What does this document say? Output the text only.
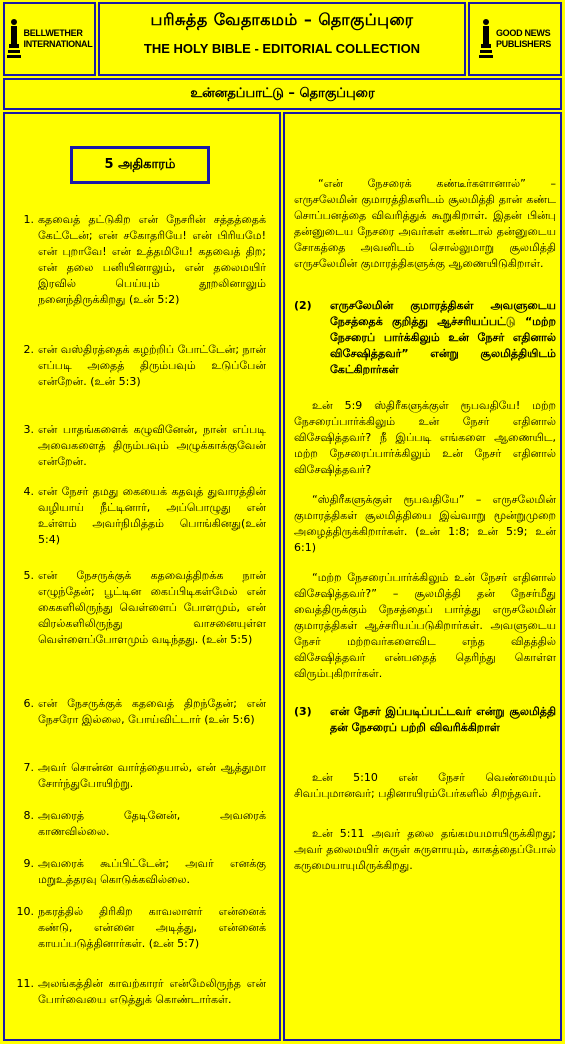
BELLWETHER
INTERNATIONAL
பரிசுத்த வேதாகமம் – தொகுப்புரை
THE HOLY BIBLE - EDITORIAL COLLECTION
GOOD NEWS
PUBLISHERS
உன்னதப்பாட்டு – தொகுப்புரை
5 அதிகாரம்
1. கதவைத் தட்டுகிற என் நேசரின் சத்தத்தைக் கேட்டேன்; என் சகோதரியே! என் பிரியமே! என் புறாவே! என் உத்தமியே! கதவைத் திற; என் தலை பனியினாலும், என் தலைமயிர் இரவில் பெய்யும் தூறலினாலும் நனைந்திருக்கிறது (உன் 5:2)
2. என் வஸ்திரத்தைக் கழற்றிப் போட்டேன்; நான் எப்படி அதைத் திரும்பவும் உடுப்பேன் என்றேன். (உன் 5:3)
3. என் பாதங்களைக் கழுவினேன், நான் எப்படி அவைகளைத் திரும்பவும் அழுக்காக்குவேன் என்றேன்.
4. என் நேசர் தமது கையைக் கதவுத் துவாரத்தின் வழியாய் நீட்டினார், அப்பொழுது என் உள்ளம் அவர்நிமித்தம் பொங்கினது(உன் 5:4)
5. என் நேசருக்குக் கதவைத்திறக்க நான் எழுந்தேன்; பூட்டின கைப்பிடிகள்மேல் என் கைகளிலிருந்து வெள்ளைப் போளமும், என் விரல்களிலிருந்து வாசனையுள்ள வெள்ளைப்போளமும் வடிந்தது. (உன் 5:5)
6. என் நேசருக்குக் கதவைத் திறந்தேன்; என் நேசரோ இல்லை, போய்விட்டார் (உன் 5:6)
7. அவர் சொன்ன வார்த்தையால், என் ஆத்துமா சோர்ந்துபோயிற்று.
8. அவரைத் தேடினேன், அவரைக் காணவில்லை.
9. அவரைக் கூப்பிட்டேன்; அவர் எனக்கு மறுஉத்தரவு கொடுக்கவில்லை.
10. நகரத்தில் திரிகிற காவலாளர் என்னைக் கண்டு, என்னை அடித்து, என்னைக் காயப்படுத்தினார்கள். (உன் 5:7)
11. அலங்கத்தின் காவற்காரர் என்மேலிருந்த என் போர்வையை எடுத்துக் கொண்டார்கள்.

“என் நேசரைக் கண்டீர்களானால்” – எருசலேமின் குமாரத்திகளிடம் சூலமித்தி தான் கண்ட சொப்பனத்தை விவரித்துக் கூறுகிறாள். இதன் பின்பு தன்னுடைய நேசரை அவர்கள் கண்டால் தன்னுடைய சோகத்தை அவனிடம் சொல்லுமாறு சூலமித்தி எருசலேமின் குமாரத்திகளுக்கு ஆணையிடுகிறாள்.

(2)	எருசலேமின் குமாரத்திகள் அவளுடைய நேசத்தைக் குறித்து ஆச்சரியப்பட்டு “மற்ற நேசரைப் பார்க்கிலும் உன் நேசர் எதினால் விசேஷித்தவர்” என்று சூலமித்தியிடம் கேட்கிறார்கள்

உன் 5:9 ஸ்திரீகளுக்குள் ரூபவதியே! மற்ற நேசரைப்பார்க்கிலும் உன் நேசர் எதினால் விசேஷித்தவர்? நீ இப்படி எங்களை ஆணையிட, மற்ற நேசரைப்பார்க்கிலும் உன் நேசர் எதினால் விசேஷித்தவர்?

“ஸ்திரீகளுக்குள் ரூபவதியே” – எருசலேமின் குமாரத்திகள் சூலமித்தியை இவ்வாறு மூன்றுமுறை அழைத்திருக்கிறார்கள். (உன் 1:8; உன் 5:9; உன் 6:1)

“மற்ற நேசரைப்பார்க்கிலும் உன் நேசர் எதினால் விசேஷித்தவர்?” – சூலமித்தி தன் நேசர்மீது வைத்திருக்கும் நேசத்தைப் பார்த்து எருசலேமின் குமாரத்திகள் ஆச்சரியப்படுகிறார்கள். அவளுடைய நேசர் மற்றவர்களைவிட எந்த விதத்தில் விசேஷித்தவர் என்பதைத் தெரிந்து கொள்ள விரும்புகிறார்கள்.

(3)	என் நேசர் இப்படிப்பட்டவர் என்று சூலமித்தி தன் நேசரைப் பற்றி விவரிக்கிறாள்

உன் 5:10 என் நேசர் வெண்மையும் சிவப்புமானவர்; பதினாயிரம்பேர்களில் சிறந்தவர்.

உன் 5:11 அவர் தலை தங்கமயமாயிருக்கிறது; அவர் தலைமயிர் சுருள் சுருளாயும், காகத்தைப்போல் கருமையாயுமிருக்கிறது.
